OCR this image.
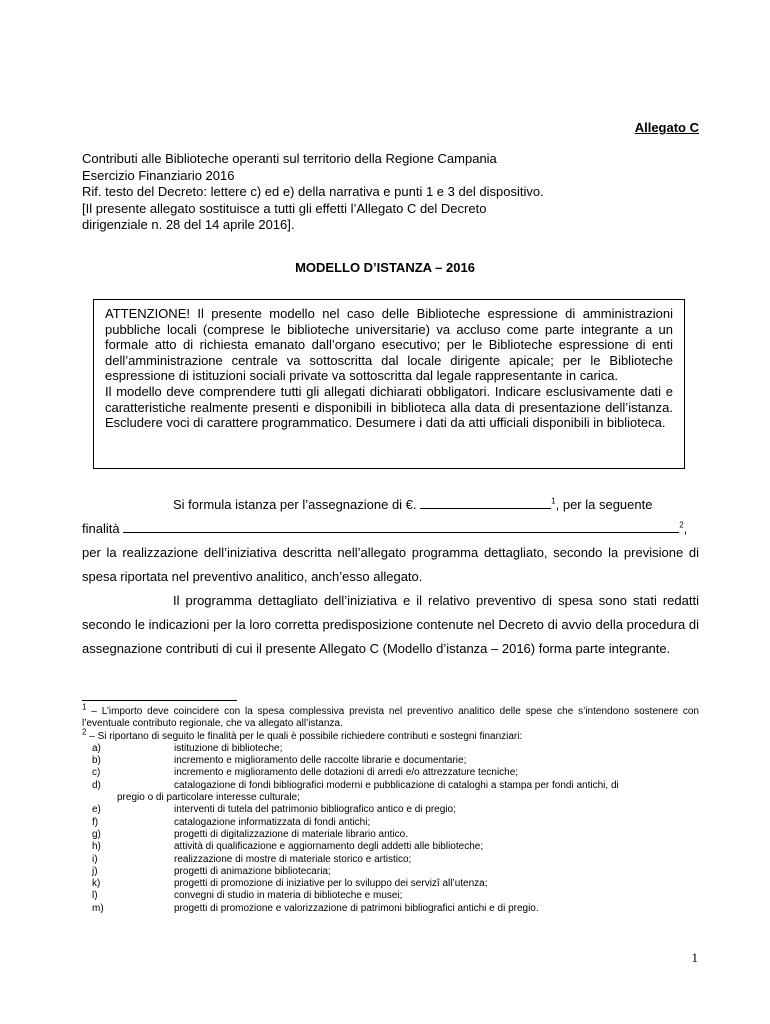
Allegato C
Contributi alle Biblioteche operanti sul territorio della Regione Campania
Esercizio Finanziario 2016
Rif. testo del Decreto: lettere c) ed e) della narrativa e punti 1 e 3 del dispositivo.
[Il presente allegato sostituisce a tutti gli effetti l’Allegato C del Decreto
dirigenziale n. 28 del 14 aprile 2016].
MODELLO D’ISTANZA – 2016

ATTENZIONE! Il presente modello nel caso delle Biblioteche espressione di amministrazioni pubbliche locali (comprese le biblioteche universitarie) va accluso come parte integrante a un formale atto di richiesta emanato dall’organo esecutivo; per le Biblioteche espressione di enti dell’amministrazione centrale va sottoscritta dal locale dirigente apicale; per le Biblioteche espressione di istituzioni sociali private va sottoscritta dal legale rappresentante in carica.

Il modello deve comprendere tutti gli allegati dichiarati obbligatori. Indicare esclusivamente dati e caratteristiche realmente presenti e disponibili in biblioteca alla data di presentazione dell’istanza. Escludere voci di carattere programmatico. Desumere i dati da atti ufficiali disponibili in biblioteca.

Si formula istanza per l’assegnazione di €.	$^1$, per la seguente

finalità	$^2$,

per la realizzazione dell’iniziativa descritta nell’allegato programma dettagliato, secondo la previsione di spesa riportata nel preventivo analitico, anch’esso allegato.

Il programma dettagliato dell’iniziativa e il relativo preventivo di spesa sono stati redatti secondo le indicazioni per la loro corretta predisposizione contenute nel Decreto di avvio della procedura di assegnazione contributi di cui il presente Allegato C (Modello d’istanza – 2016) forma parte integrante.

$^1$ – L’importo deve coincidere con la spesa complessiva prevista nel preventivo analitico delle spese che s’intendono sostenere con l’eventuale contributo regionale, che va allegato all’istanza.

$^2$ – Si riportano di seguito le finalità per le quali è possibile richiedere contributi e sostegni finanziari:

a)	istituzione di biblioteche;
b)	incremento e miglioramento delle raccolte librarie e documentarie;
c)	incremento e miglioramento delle dotazioni di arredi e/o attrezzature tecniche;
d)	catalogazione di fondi bibliografici moderni e pubblicazione di cataloghi a stampa per fondi antichi, di
pregio o di particolare interesse culturale;
e)	interventi di tutela del patrimonio bibliografico antico e di pregio;
f)	catalogazione informatizzata di fondi antichi;
g)	progetti di digitalizzazione di materiale librario antico.
h)	attività di qualificazione e aggiornamento degli addetti alle biblioteche;
i)	realizzazione di mostre di materiale storico e artistico;
j)	progetti di animazione bibliotecaria;
k)	progetti di promozione di iniziative per lo sviluppo dei servizî all’utenza;
l)	convegni di studio in materia di biblioteche e musei;
m)	progetti di promozione e valorizzazione di patrimoni bibliografici antichi e di pregio.
1
